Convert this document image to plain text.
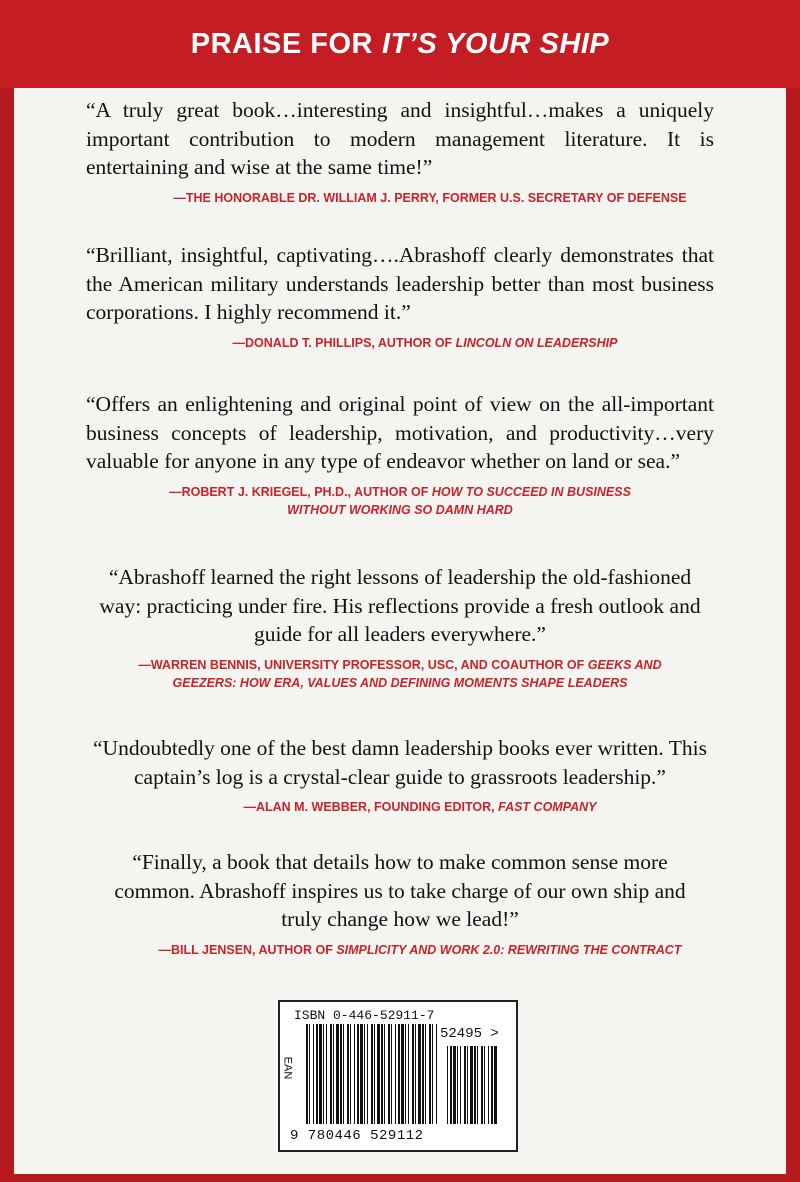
PRAISE FOR IT’S YOUR SHIP

“A truly great book…interesting and insightful…makes a uniquely important contribution to modern management literature. It is entertaining and wise at the same time!”

—THE HONORABLE DR. WILLIAM J. PERRY, FORMER U.S. SECRETARY OF DEFENSE

“Brilliant, insightful, captivating….Abrashoff clearly demonstrates that the American military understands leadership better than most business corporations. I highly recommend it.”

—DONALD T. PHILLIPS, AUTHOR OF LINCOLN ON LEADERSHIP

“Offers an enlightening and original point of view on the all-important business concepts of leadership, motivation, and productivity…very valuable for anyone in any type of endeavor whether on land or sea.”

—ROBERT J. KRIEGEL, PH.D., AUTHOR OF HOW TO SUCCEED IN BUSINESS WITHOUT WORKING SO DAMN HARD

“Abrashoff learned the right lessons of leadership the old-fashioned way: practicing under fire. His reflections provide a fresh outlook and guide for all leaders everywhere.”

—WARREN BENNIS, UNIVERSITY PROFESSOR, USC, AND COAUTHOR OF GEEKS AND GEEZERS: HOW ERA, VALUES AND DEFINING MOMENTS SHAPE LEADERS

“Undoubtedly one of the best damn leadership books ever written. This captain’s log is a crystal-clear guide to grassroots leadership.”

—ALAN M. WEBBER, FOUNDING EDITOR, FAST COMPANY

“Finally, a book that details how to make common sense more common. Abrashoff inspires us to take charge of our own ship and truly change how we lead!”

—BILL JENSEN, AUTHOR OF SIMPLICITY AND WORK 2.0: REWRITING THE CONTRACT
ISBN 0-446-52911-7
52495 >
EAN
9 780446 529112
